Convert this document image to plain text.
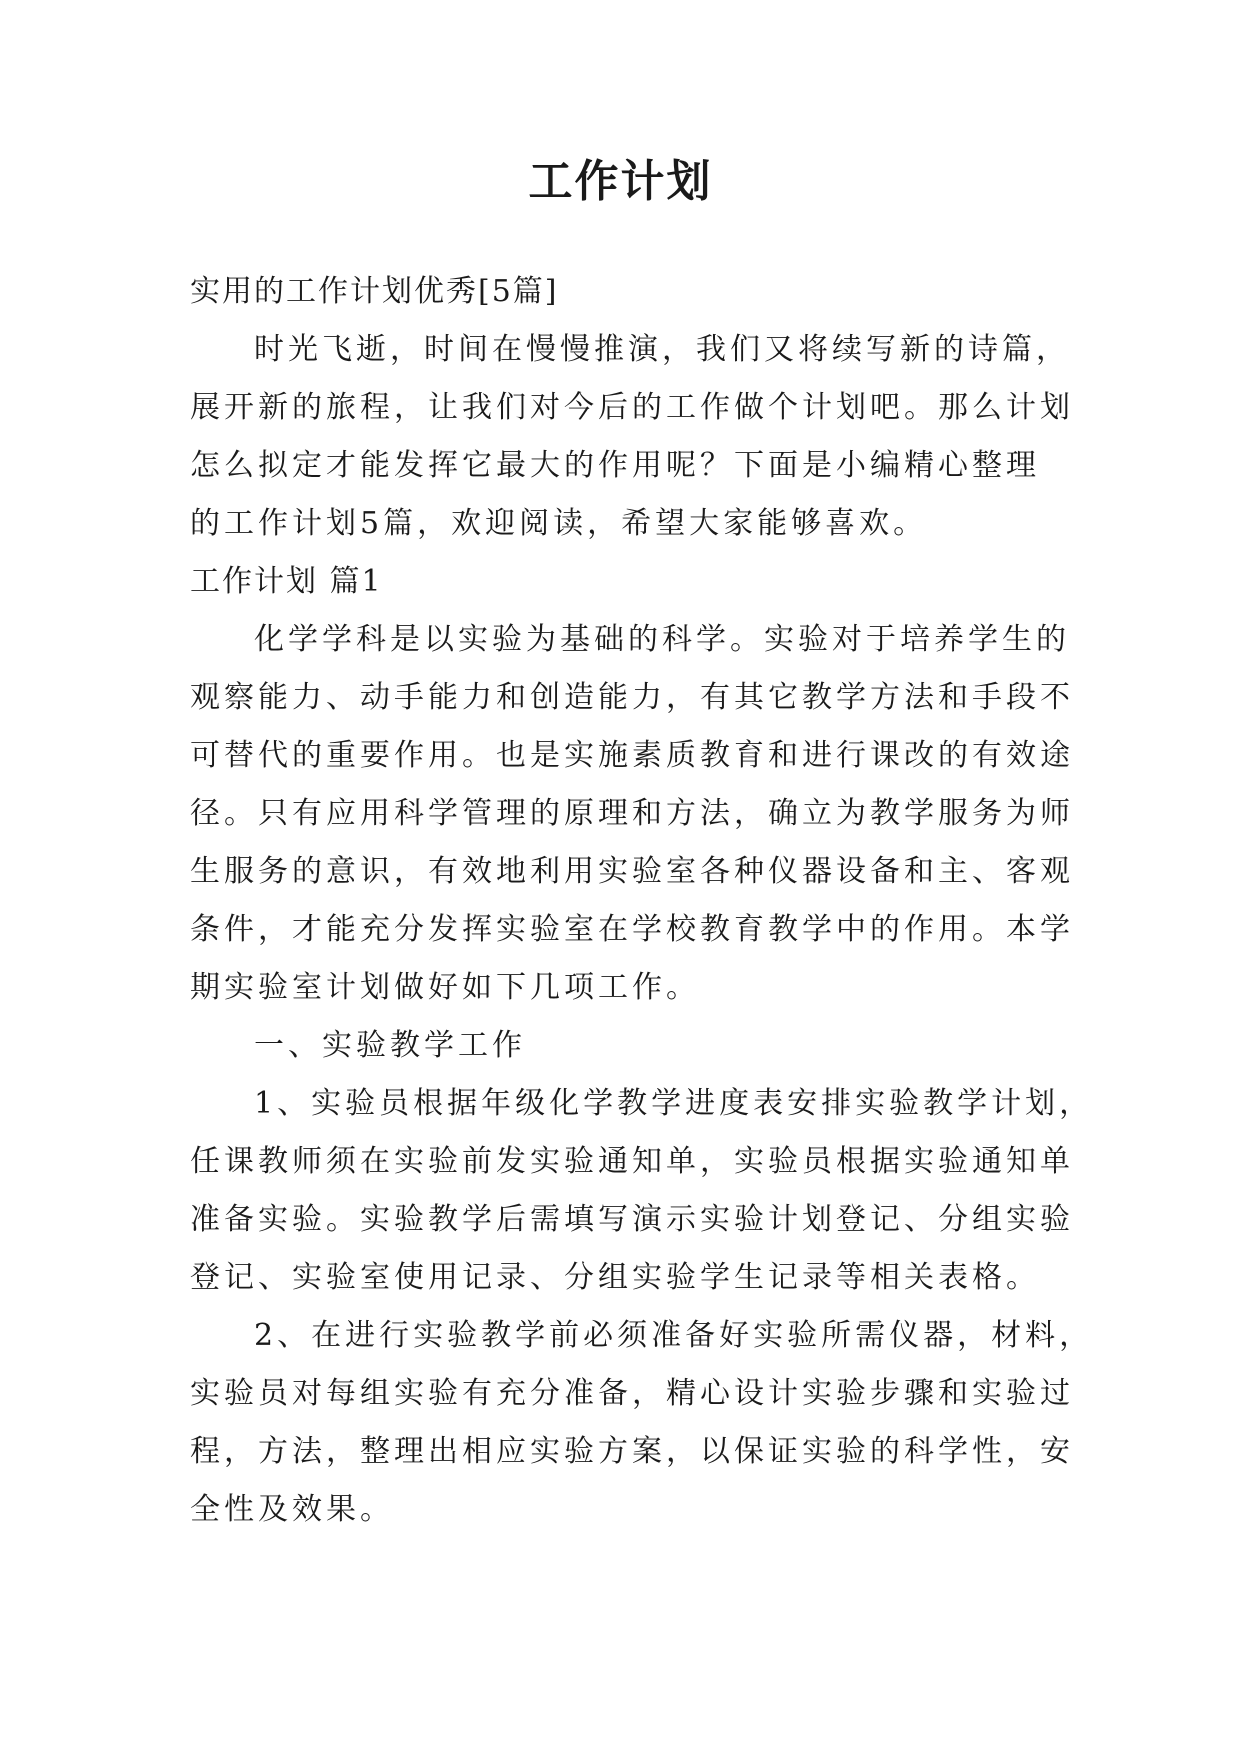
工作计划

实用的工作计划优秀[5篇]

时光飞逝，时间在慢慢推演，我们又将续写新的诗篇，

展开新的旅程，让我们对今后的工作做个计划吧。那么计划

怎么拟定才能发挥它最大的作用呢？下面是小编精心整理

的工作计划5篇，欢迎阅读，希望大家能够喜欢。

工作计划 篇1

化学学科是以实验为基础的科学。实验对于培养学生的

观察能力、动手能力和创造能力，有其它教学方法和手段不

可替代的重要作用。也是实施素质教育和进行课改的有效途

径。只有应用科学管理的原理和方法，确立为教学服务为师

生服务的意识，有效地利用实验室各种仪器设备和主、客观

条件，才能充分发挥实验室在学校教育教学中的作用。本学

期实验室计划做好如下几项工作。

一、实验教学工作

1、实验员根据年级化学教学进度表安排实验教学计划，

任课教师须在实验前发实验通知单，实验员根据实验通知单

准备实验。实验教学后需填写演示实验计划登记、分组实验

登记、实验室使用记录、分组实验学生记录等相关表格。

2、在进行实验教学前必须准备好实验所需仪器，材料，

实验员对每组实验有充分准备，精心设计实验步骤和实验过

程，方法，整理出相应实验方案，以保证实验的科学性，安

全性及效果。
